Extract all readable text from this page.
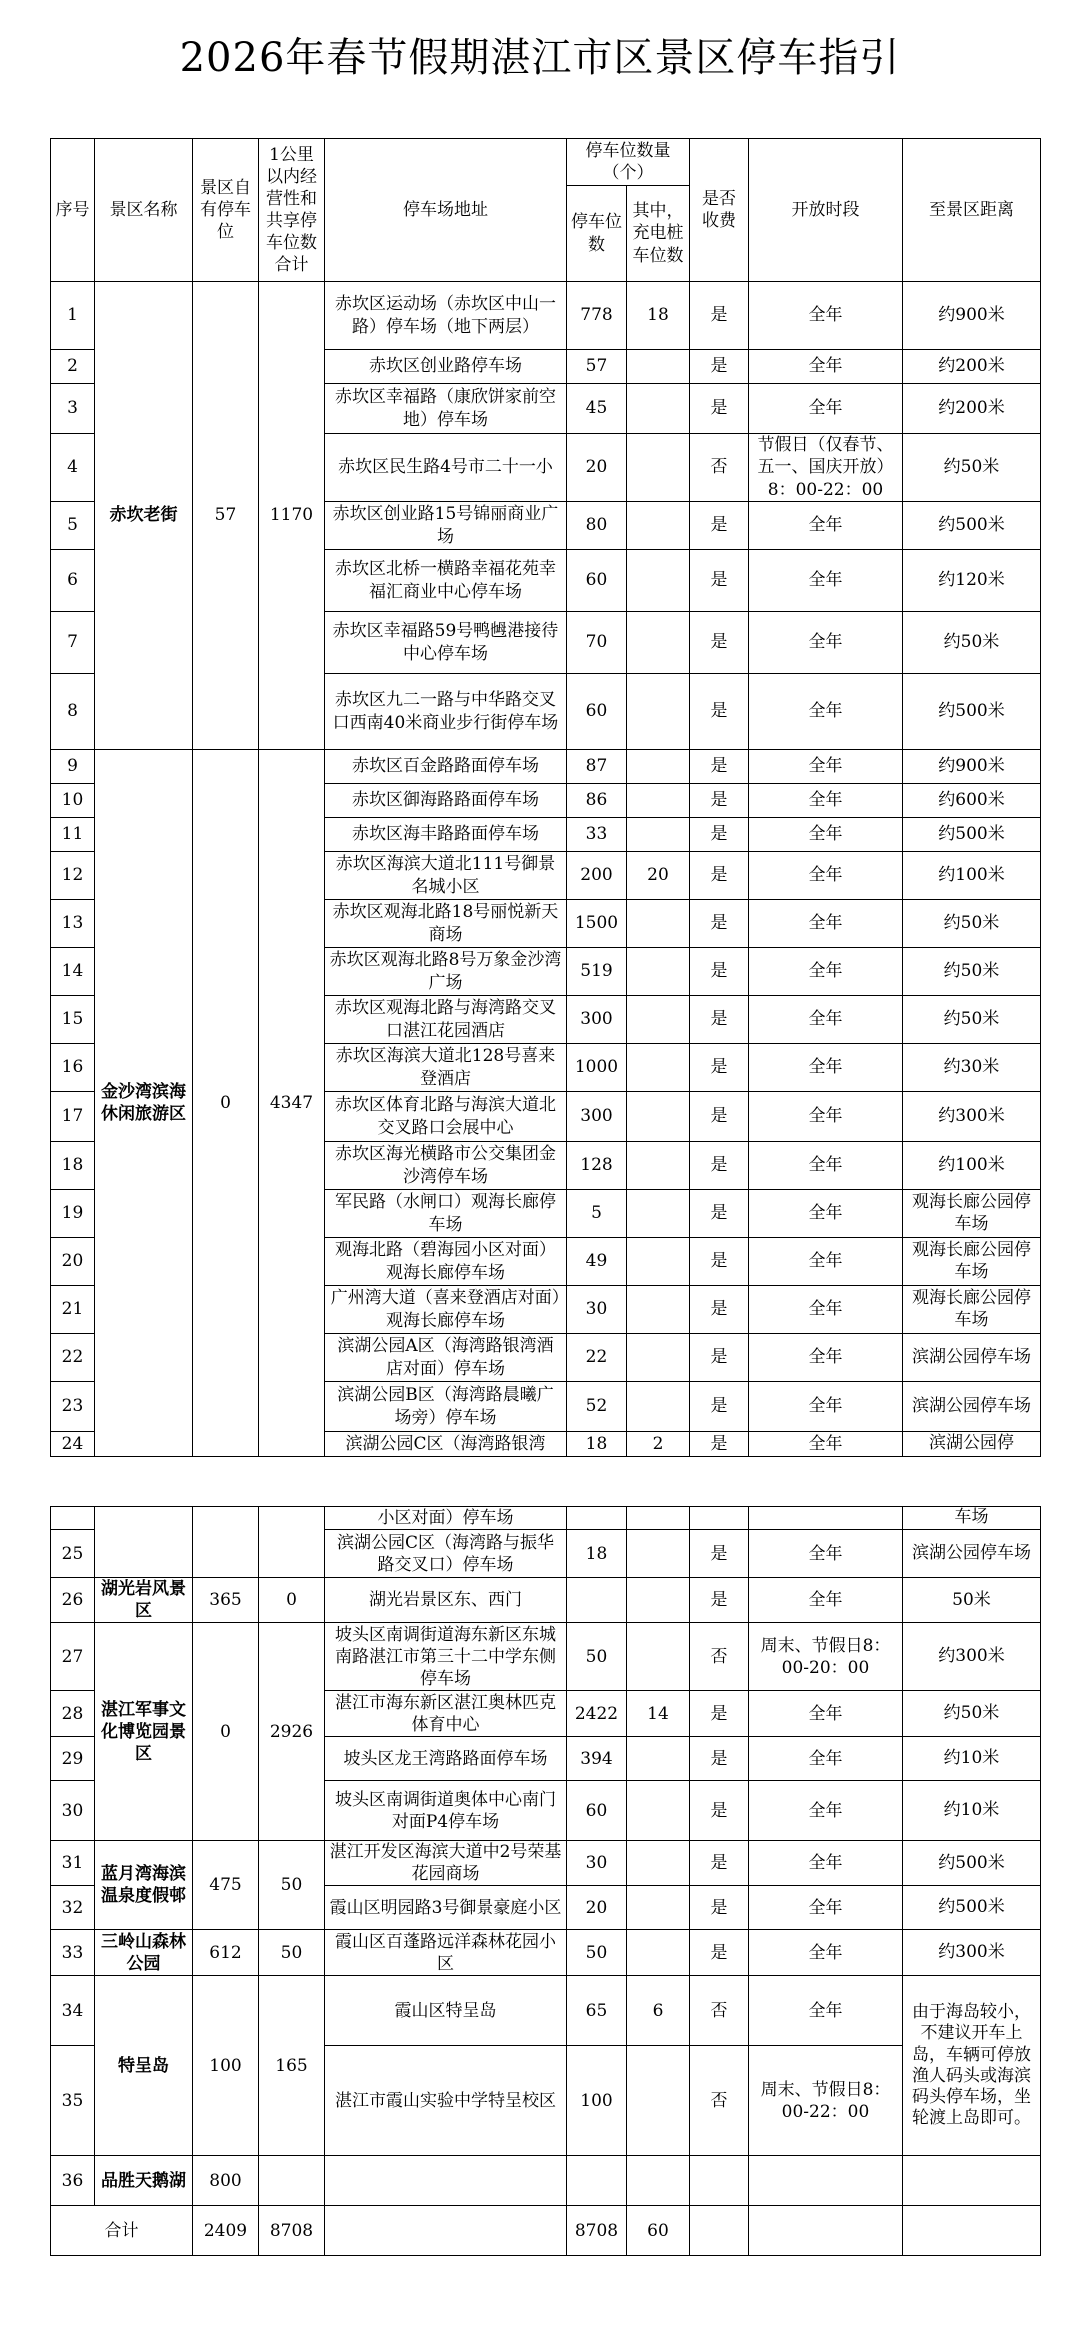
2026年春节假期湛江市区景区停车指引
序号	景区名称	景区自有停车位	1公里以内经营性和共享停车位数合计	停车场地址	停车位数量（个）		是否收费	开放时段	至景区距离
					停车位数	其中，充电桩车位数			
1	赤坎老街	57	1170	赤坎区运动场（赤坎区中山一路）停车场（地下两层）	778	18	是	全年	约900米
2				赤坎区创业路停车场	57		是	全年	约200米
3				赤坎区幸福路（康欣饼家前空地）停车场	45		是	全年	约200米
4				赤坎区民生路4号市二十一小	20		否	节假日（仅春节、五一、国庆开放）8：00-22：00	约50米
5				赤坎区创业路15号锦丽商业广场	80		是	全年	约500米
6				赤坎区北桥一横路幸福花苑幸福汇商业中心停车场	60		是	全年	约120米
7				赤坎区幸福路59号鸭乸港接待中心停车场	70		是	全年	约50米
8				赤坎区九二一路与中华路交叉口西南40米商业步行街停车场	60		是	全年	约500米
9	金沙湾滨海休闲旅游区	0	4347	赤坎区百金路路面停车场	87		是	全年	约900米
10				赤坎区御海路路面停车场	86		是	全年	约600米
11				赤坎区海丰路路面停车场	33		是	全年	约500米
12				赤坎区海滨大道北111号御景名城小区	200	20	是	全年	约100米
13				赤坎区观海北路18号丽悦新天商场	1500		是	全年	约50米
14				赤坎区观海北路8号万象金沙湾广场	519		是	全年	约50米
15				赤坎区观海北路与海湾路交叉口湛江花园酒店	300		是	全年	约50米
16				赤坎区海滨大道北128号喜来登酒店	1000		是	全年	约30米
17				赤坎区体育北路与海滨大道北交叉路口会展中心	300		是	全年	约300米
18				赤坎区海光横路市公交集团金沙湾停车场	128		是	全年	约100米
19				军民路（水闸口）观海长廊停车场	5		是	全年	观海长廊公园停车场
20				观海北路（碧海园小区对面）观海长廊停车场	49		是	全年	观海长廊公园停车场
21				广州湾大道（喜来登酒店对面）观海长廊停车场	30		是	全年	观海长廊公园停车场
22				滨湖公园A区（海湾路银湾酒店对面）停车场	22		是	全年	滨湖公园停车场
23				滨湖公园B区（海湾路晨曦广场旁）停车场	52		是	全年	滨湖公园停车场
24				滨湖公园C区（海湾路银湾	18	2	是	全年	滨湖公园停
				小区对面）停车场					车场
25				滨湖公园C区（海湾路与振华路交叉口）停车场	18		是	全年	滨湖公园停车场
26	湖光岩风景区	365	0	湖光岩景区东、西门			是	全年	50米
27	湛江军事文化博览园景区	0	2926	坡头区南调街道海东新区东城南路湛江市第三十二中学东侧停车场	50		否	周末、节假日8：00-20：00	约300米
28				湛江市海东新区湛江奥林匹克体育中心	2422	14	是	全年	约50米
29				坡头区龙王湾路路面停车场	394		是	全年	约10米
30				坡头区南调街道奥体中心南门对面P4停车场	60		是	全年	约10米
31	蓝月湾海滨温泉度假邨	475	50	湛江开发区海滨大道中2号荣基花园商场	30		是	全年	约500米
32				霞山区明园路3号御景豪庭小区	20		是	全年	约500米
33	三岭山森林公园	612	50	霞山区百蓬路远洋森林花园小区	50		是	全年	约300米
34	特呈岛	100	165	霞山区特呈岛	65	6	否	全年	由于海岛较小，不建议开车上岛，车辆可停放渔人码头或海滨码头停车场，坐轮渡上岛即可。
35				湛江市霞山实验中学特呈校区	100		否	周末、节假日8：00-22：00	
36	品胜天鹅湖	800							
合计		2409	8708		8708	60			
